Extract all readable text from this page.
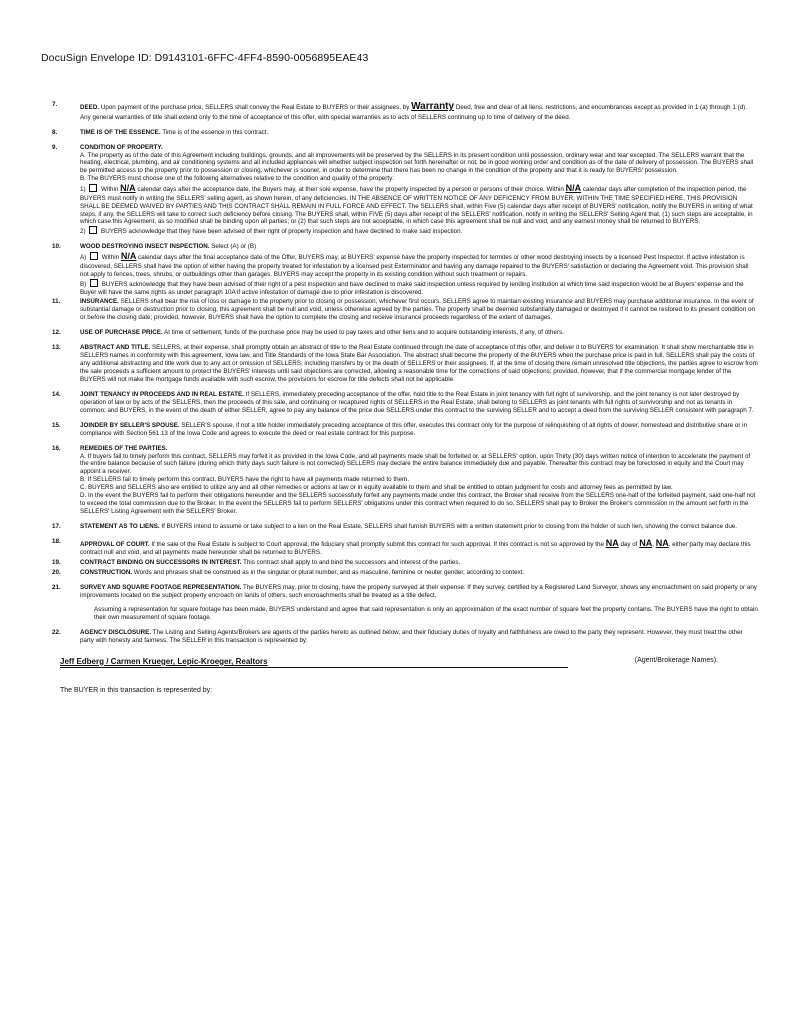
DocuSign Envelope ID: D9143101-6FFC-4FF4-8590-0056895EAE43
7.	DEED. Upon payment of the purchase price, SELLERS shall convey the Real Estate to BUYERS or their assignees, by Warranty Deed, free and clear of all liens, restrictions, and encumbrances except as provided in 1 (a) through 1 (d). Any general warranties of title shall extend only to the time of acceptance of this offer, with special warranties as to acts of SELLERS continuing up to time of delivery of the deed.
8.	TIME IS OF THE ESSENCE. Time is of the essence in this contract.
9.	CONDITION OF PROPERTY.
A. The property as of the date of this Agreement including buildings, grounds, and all improvements will be preserved by the SELLERS in its present condition until possession, ordinary wear and tear excepted. The SELLERS warrant that the heating, electrical, plumbing, and air conditioning systems and all included appliances will whether subject inspection set forth hereinafter or not, be in good working order and condition as of the date of delivery of possession. The BUYERS shall be permitted access to the property prior to possession or closing, whichever is sooner, in order to determine that there has been no change in the condition of the property and that it is ready for BUYERS' possession.
B. The BUYERS must choose one of the following alternatives relative to the condition and quality of the property:
1)  Within N/A calendar days after the acceptance date, the Buyers may, at their sole expense, have the property inspected by a person or persons of their choice. Within N/A calendar days after completion of the inspection period, the BUYERS must notify in writing the SELLERS' selling agent, as shown herein, of any deficiencies. IN THE ABSENCE OF WRITTEN NOTICE OF ANY DEFICENCY FROM BUYER, WITHIN THE TIME SPECIFIED HERE, THIS PROVISION SHALL BE DEEMED WAIVED BY PARTIES AND THIS CONTRACT SHALL REMAIN IN FULL FORCE AND EFFECT. The SELLERS shall, within Five (5) calendar days after receipt of BUYERS' notification, notify the BUYERS in writing of what steps, if any, the SELLERS will take to correct such deficiency before closing. The BUYERS shall, within FIVE (5) days after receipt of the SELLERS' notification, notify in writing the SELLERS' Selling Agent that, (1) such steps are acceptable, in which case this Agreement, as so modified shall be binding upon all parties; or (2) that such steps are not acceptable, in which case this agreement shall be null and void, and any earnest money shall be returned to BUYERS.
2)  BUYERS acknowledge that they have been advised of their right of property inspection and have declined to make said inspection.
10.	WOOD DESTROYING INSECT INSPECTION. Select (A) or (B)
A)  Within N/A calendar days after the final acceptance date of the Offer, BUYERS may, at BUYERS' expense have the property inspected for termites or other wood destroying insects by a licensed Pest Inspector. If active infestation is discovered, SELLERS shall have the option of either having the property treated for infestation by a licensed pest Exterminator and having any damage repaired to the BUYERS' satisfaction or declaring the Agreement void. This provision shall not apply to fences, trees, shrubs, or outbuildings other than garages. BUYERS may accept the property in its existing condition without such treatment or repairs.
B)  BUYERS acknowledge that they have been advised of their right of a pest inspection and have declined to make said inspection unless required by lending institution at which time said inspection would be at Buyers' expense and the Buyer will have the same rights as under paragraph 10A if active infestation of damage due to prior infestation is discovered.
11.	INSURANCE. SELLERS shall bear the risk of loss or damage to the property prior to closing or possession, whichever first occurs. SELLERS agree to maintain existing insurance and BUYERS may purchase additional insurance. In the event of substantial damage or destruction prior to closing, this agreement shall be null and void, unless otherwise agreed by the parties. The property shall be deemed substantially damaged or destroyed if it cannot be restored to its present condition on or before the closing date; provided, however, BUYERS shall have the option to complete the closing and receive insurance proceeds regardless of the extent of damages.
12.	USE OF PURCHASE PRICE. At time of settlement, funds of the purchase price may be used to pay taxes and other liens and to acquire outstanding interests, if any, of others.
13.	ABSTRACT AND TITLE. SELLERS, at their expense, shall promptly obtain an abstract of title to the Real Estate continued through the date of acceptance of this offer, and deliver it to BUYERS for examination. It shall show merchantable title in SELLERS names in conformity with this agreement, Iowa law, and Title Standards of the Iowa State Bar Association. The abstract shall become the property of the BUYERS when the purchase price is paid in full. SELLERS shall pay the costs of any additional abstracting and title work due to any act or omission of SELLERS, including transfers by or the death of SELLERS or their assignees. If, at the time of closing there remain unresolved title objections, the parties agree to escrow from the sale proceeds a sufficient amount to protect the BUYERS' interests until said objections are corrected, allowing a reasonable time for the corrections of said objections; provided, however, that if the commercial mortgage lender of the BUYERS will not make the mortgage funds available with such escrow, the provisions for escrow for title defects shall not be applicable.
14.	JOINT TENANCY IN PROCEEDS AND IN REAL ESTATE. If SELLERS, immediately preceding acceptance of the offer, hold title to the Real Estate in joint tenancy with full right of survivorship, and the joint tenancy is not later destroyed by operation of law or by acts of the SELLERS, then the proceeds of this sale, and continuing or recaptured rights of SELLERS in the Real Estate, shall belong to SELLERS as joint tenants with full rights of survivorship and not as tenants in common; and BUYERS, in the event of the death of either SELLER, agree to pay any balance of the price due SELLERS under this contract to the surviving SELLER and to accept a deed from the surviving SELLER consistent with paragraph 7.
15.	JOINDER BY SELLER'S SPOUSE. SELLER'S spouse, if not a title holder immediately preceding acceptance of this offer, executes this contract only for the purpose of relinquishing of all rights of dower, homestead and distributive share or in compliance with Section 561.13 of the Iowa Code and agrees to execute the deed or real estate contract for this purpose.
16.	REMEDIES OF THE PARTIES.
A. If buyers fail to timely perform this contract, SELLERS may forfeit it as provided in the Iowa Code, and all payments made shall be forfeited or, at SELLERS' option, upon Thirty (30) days written notice of intention to accelerate the payment of the entire balance because of such failure (during which thirty days such failure is not corrected) SELLERS may declare the entire balance immediately due and payable. Thereafter this contract may be foreclosed in equity and the Court may appoint a receiver.
B. If SELLERS fail to timely perform this contract, BUYERS have the right to have all payments made returned to them.
C. BUYERS and SELLERS also are entitled to utilize any and all other remedies or actions at law or in equity available to them and shall be entitled to obtain judgment for costs and attorney fees as permitted by law.
D. In the event the BUYERS fail to perform their obligations hereunder and the SELLERS successfully forfeit any payments made under this contract, the Broker shall receive from the SELLERS one-half of the forfeited payment, said one-half not to exceed the total commission due to the Broker. In the event the SELLERS fail to perform SELLERS' obligations under this contract when required to do so, SELLERS shall pay to Broker the Broker's commission in the amount set forth in the SELLERS' Listing Agreement with the SELLERS' Broker.
17.	STATEMENT AS TO LIENS. If BUYERS intend to assume or take subject to a lien on the Real Estate, SELLERS shall furnish BUYERS with a written statement prior to closing from the holder of such lien, showing the correct balance due.
18.	APPROVAL OF COURT. If the sale of the Real Estate is subject to Court approval, the fiduciary shall promptly submit this contract for such approval. If this contract is not so approved by the NA day of NA, NA, either party may declare this contract null and void, and all payments made hereunder shall be returned to BUYERS.
19.	CONTRACT BINDING ON SUCCESSORS IN INTEREST. This contract shall apply to and bind the successors and interest of the parties.
20.	CONSTRUCTION. Words and phrases shall be construed as in the singular or plural number, and as masculine, feminine or neuter gender, according to context.
21.	SURVEY AND SQUARE FOOTAGE REPRESENTATION. The BUYERS may, prior to closing, have the property surveyed at their expense. If they survey, certified by a Registered Land Surveyor, shows any encroachment on said property or any improvements located on the subject property encroach on lands of others, such encroachments shall be treated as a title defect.
Assuming a representation for square footage has been made, BUYERS understand and agree that said representation is only an approximation of the exact number of square feet the property contains. The BUYERS have the right to obtain their own measurement of square footage.
22.	AGENCY DISCLOSURE. The Listing and Selling Agents/Brokers are agents of the parties hereto as outlined below, and their fiduciary duties of loyalty and faithfulness are owed to the party they represent. However, they must treat the other party with honesty and fairness. The SELLER in this transaction is represented by:
Jeff Edberg / Carmen Krueger, Lepic-Kroeger, Realtors	(Agent/Brokerage Names).
The BUYER in this transaction is represented by:
